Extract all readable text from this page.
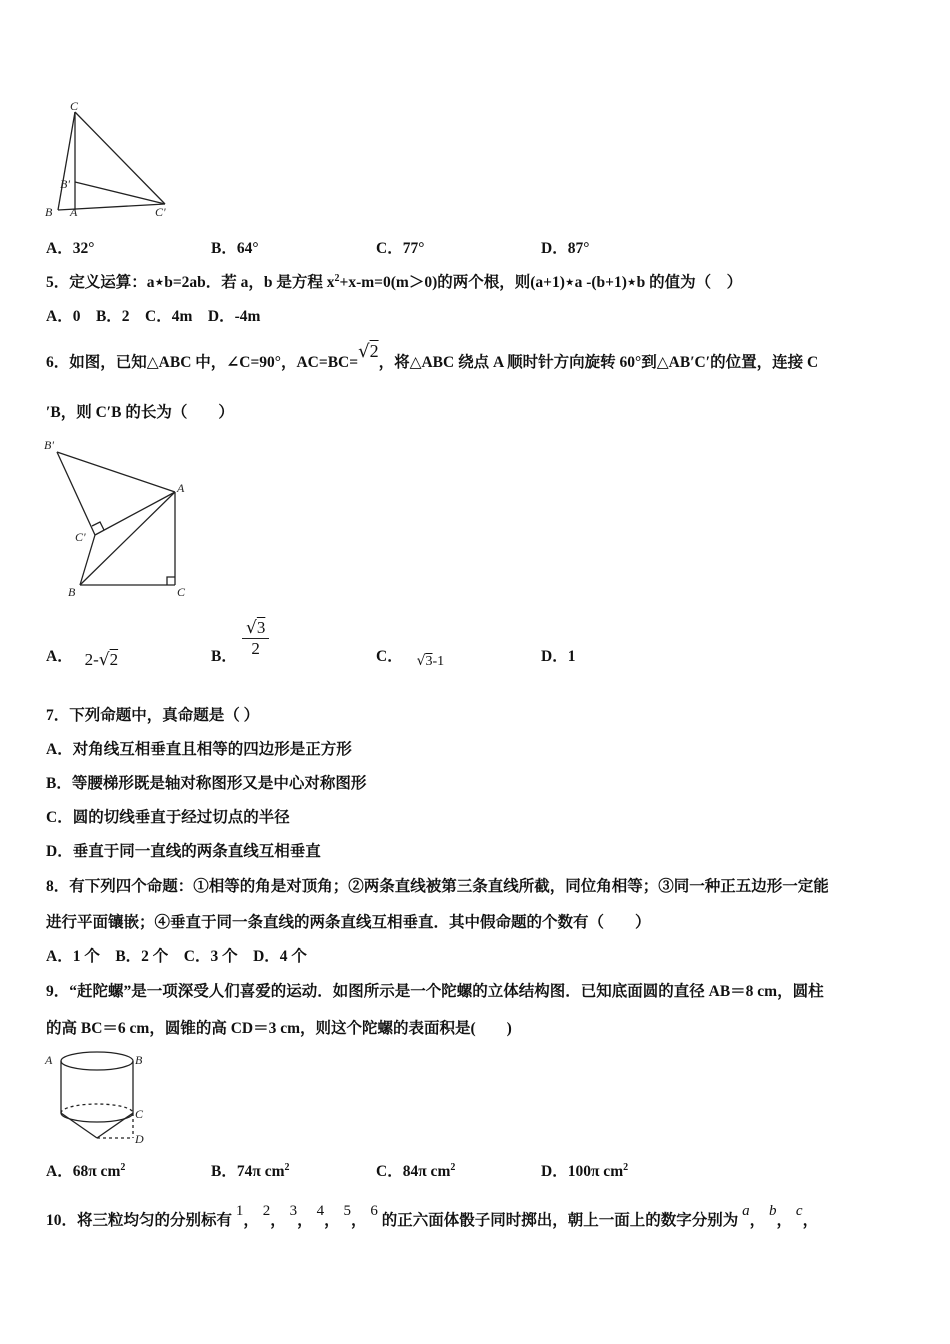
C
B'
B A	C'
A．32°	B．64°	C．77°	D．87°
5．定义运算：a⋆b=2ab．若 a，b 是方程 $x^2+x-m=0(m>0)$的两个根，则(a+1)⋆a -(b+1)⋆b 的值为（　）
A．0　B．2　C．4m　D．-4m
6．如图，已知△ABC 中，∠C=90°，AC=BC=√2，将△ABC 绕点 A 顺时针方向旋转 60°到△AB′C′的位置，连接 C
′B，则 C′B 的长为（　　）
B'
A
C'
B	C
A． 2-√2	B． $\frac{√3}{2}$	C． √3-1	D．1
7．下列命题中，真命题是（ ）
A．对角线互相垂直且相等的四边形是正方形
B．等腰梯形既是轴对称图形又是中心对称图形
C．圆的切线垂直于经过切点的半径
D．垂直于同一直线的两条直线互相垂直
8．有下列四个命题：①相等的角是对顶角；②两条直线被第三条直线所截，同位角相等；③同一种正五边形一定能
进行平面镶嵌；④垂直于同一条直线的两条直线互相垂直．其中假命题的个数有（　　）
A．1 个　B．2 个　C．3 个　D．4 个
9．“赶陀螺”是一项深受人们喜爱的运动．如图所示是一个陀螺的立体结构图．已知底面圆的直径 AB＝8 cm，圆柱
的高 BC＝6 cm，圆锥的高 CD＝3 cm，则这个陀螺的表面积是(　　)
A	B
C
D
A．68π $cm^2$	B．74π $cm^2$	C．84π $cm^2$	D．100π $cm^2$
10．将三粒均匀的分别标有 1， 2， 3， 4， 5， 6 的正六面体骰子同时掷出，朝上一面上的数字分别为 a， b， c，
